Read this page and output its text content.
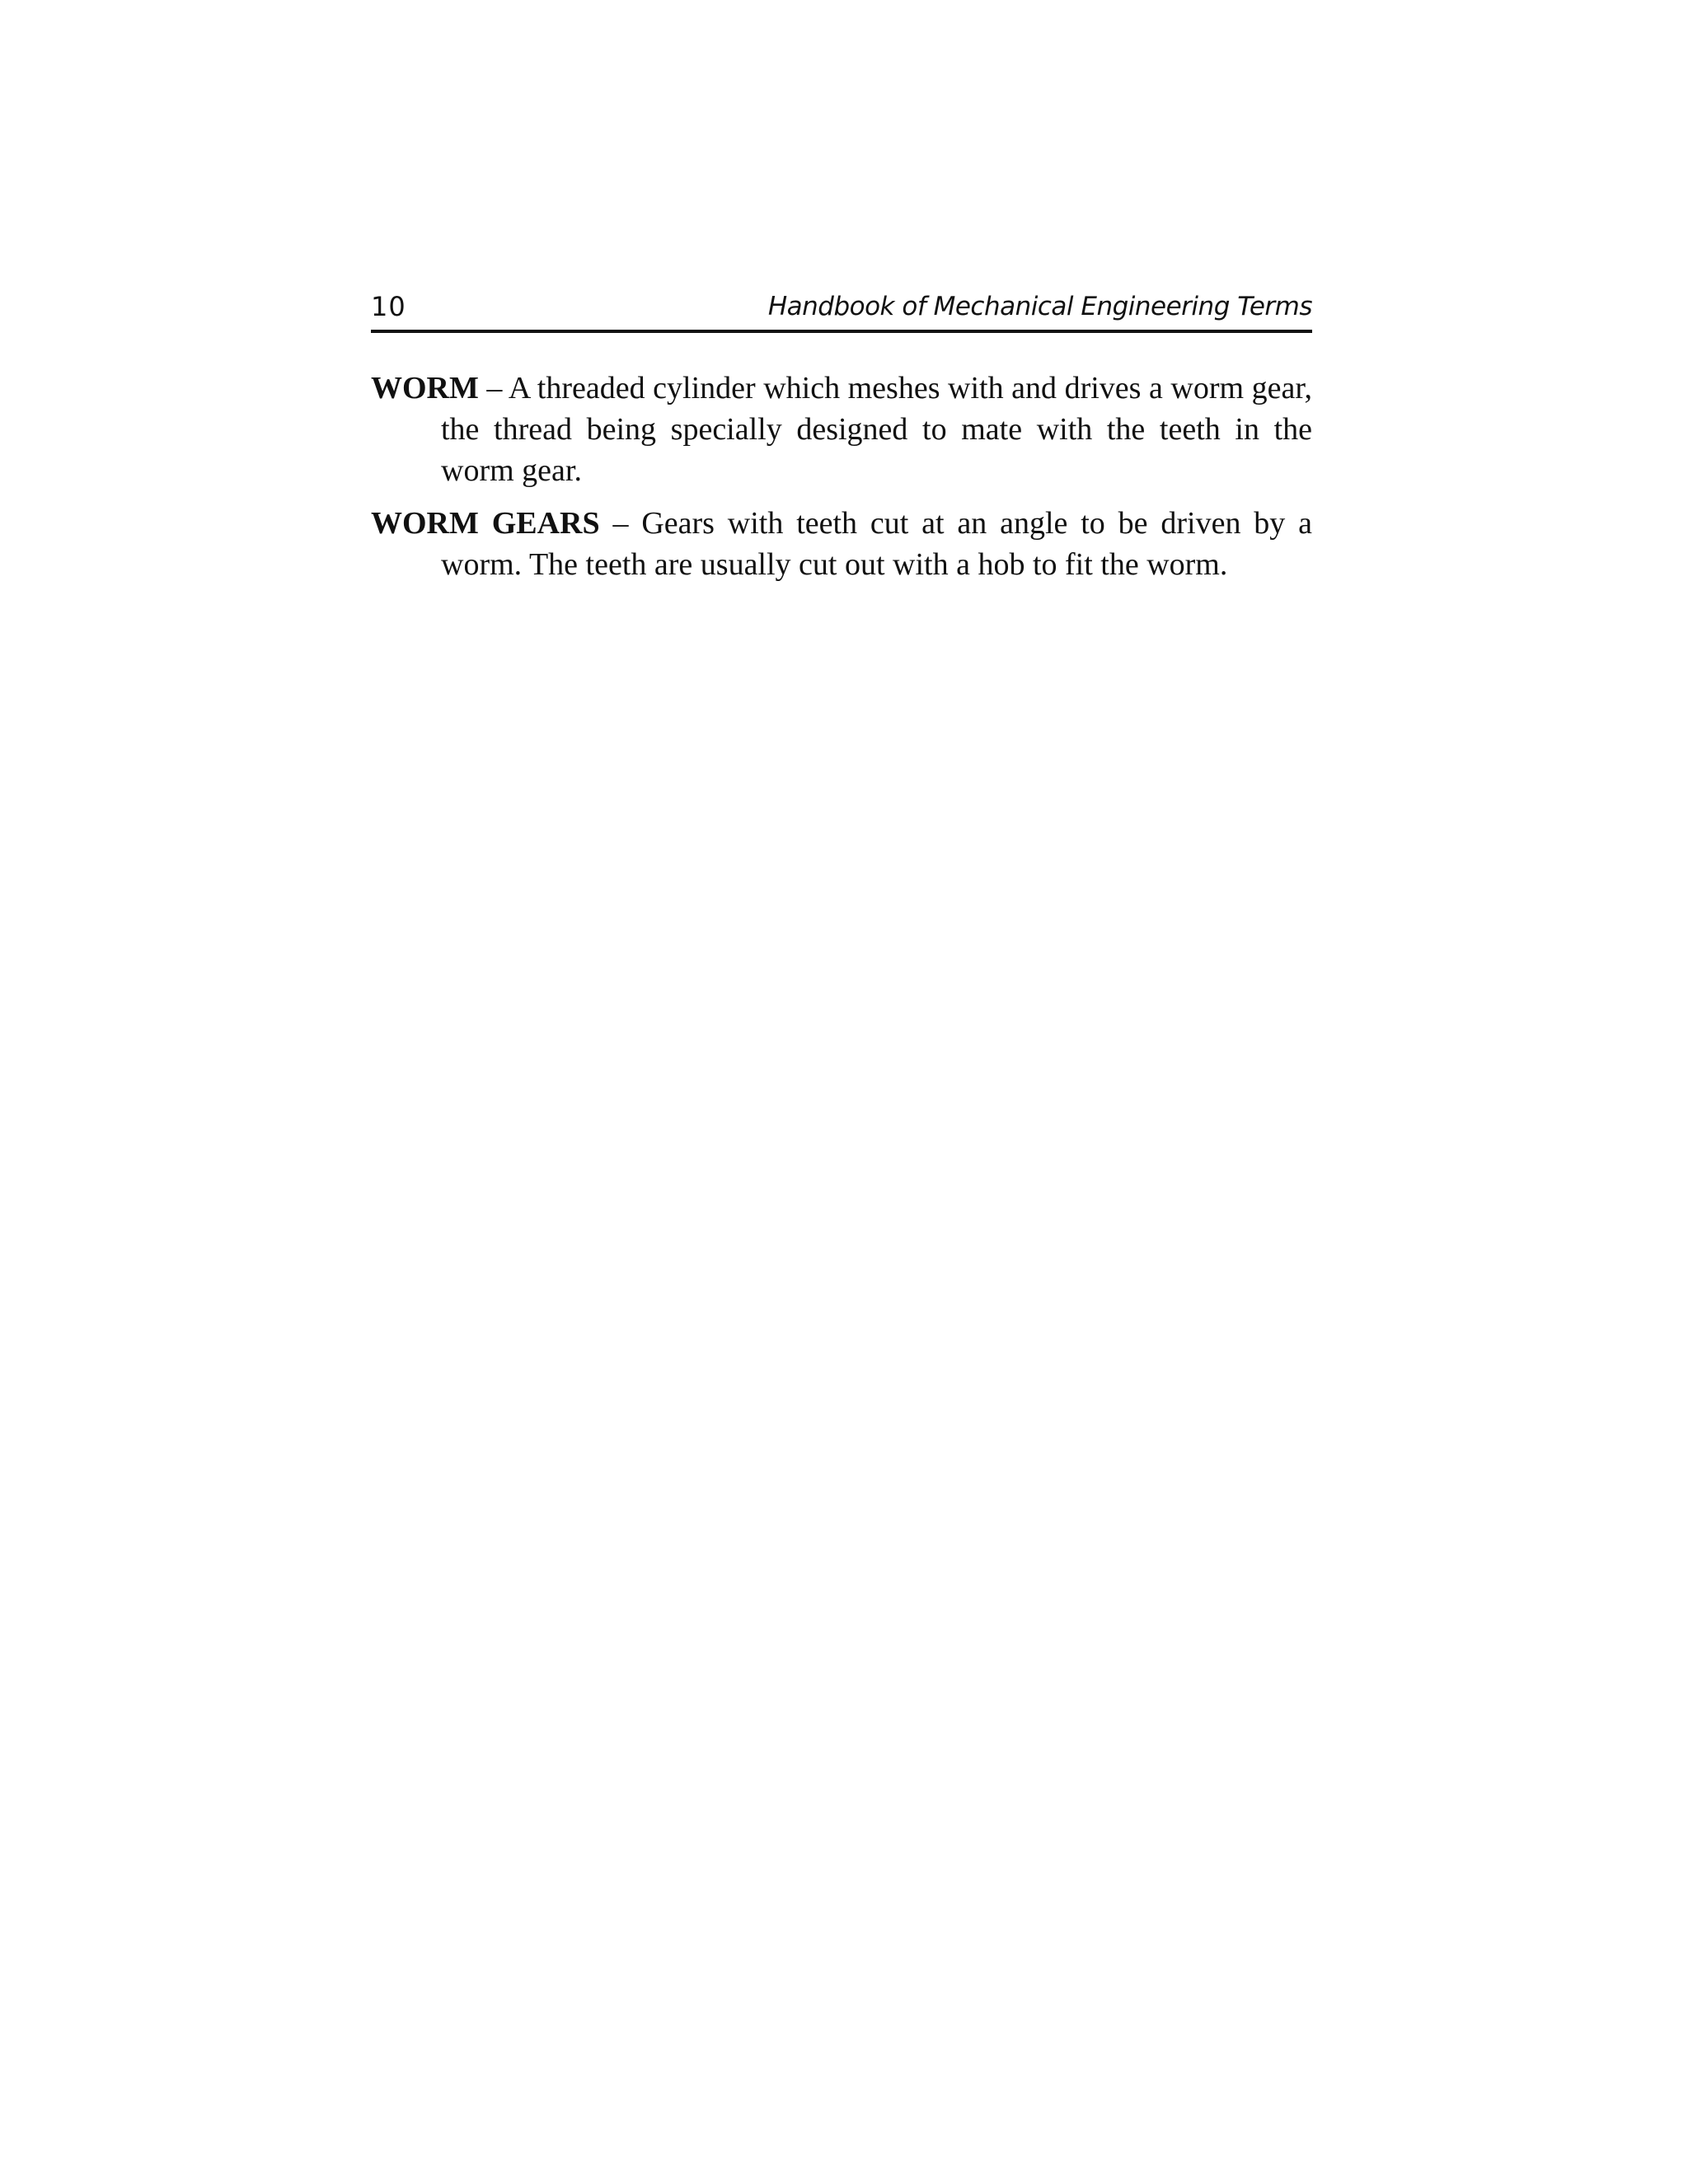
10	Handbook of Mechanical Engineering Terms

WORM – A threaded cylinder which meshes with and drives a worm gear, the thread being specially designed to mate with the teeth in the worm gear.

WORM GEARS – Gears with teeth cut at an angle to be driven by a worm. The teeth are usually cut out with a hob to fit the worm.
